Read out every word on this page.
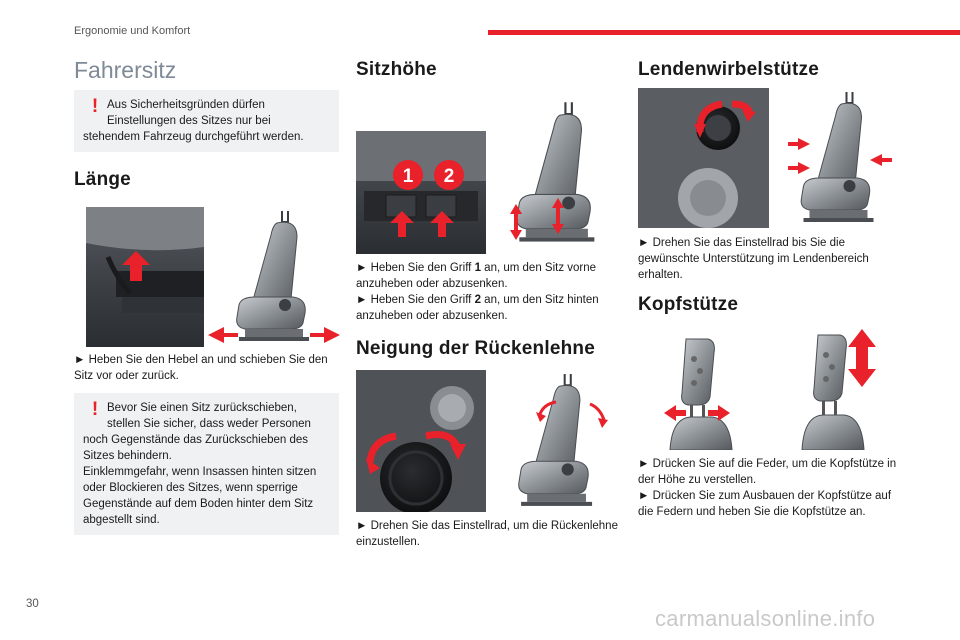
Ergonomie und Komfort
Fahrersitz
! Aus Sicherheitsgründen dürfen
Einstellungen des Sitzes nur bei
stehendem Fahrzeug durchgeführt werden.
Länge

► Heben Sie den Hebel an und schieben Sie den Sitz vor oder zurück.

! Bevor Sie einen Sitz zurückschieben,
stellen Sie sicher, dass weder Personen
noch Gegenstände das Zurückschieben des
Sitzes behindern.
Einklemmgefahr, wenn Insassen hinten sitzen
oder Blockieren des Sitzes, wenn sperrige
Gegenstände auf dem Boden hinter dem Sitz
abgestellt sind.
Sitzhöhe
1 2

► Heben Sie den Griff 1 an, um den Sitz vorne anzuheben oder abzusenken.

► Heben Sie den Griff 2 an, um den Sitz hinten anzuheben oder abzusenken.

Neigung der Rückenlehne

► Drehen Sie das Einstellrad, um die Rückenlehne einzustellen.

Lendenwirbelstütze

► Drehen Sie das Einstellrad bis Sie die gewünschte Unterstützung im Lendenbereich erhalten.

Kopfstütze

► Drücken Sie auf die Feder, um die Kopfstütze in der Höhe zu verstellen.

► Drücken Sie zum Ausbauen der Kopfstütze auf die Federn und heben Sie die Kopfstütze an.

30
carmanualsonline.info
